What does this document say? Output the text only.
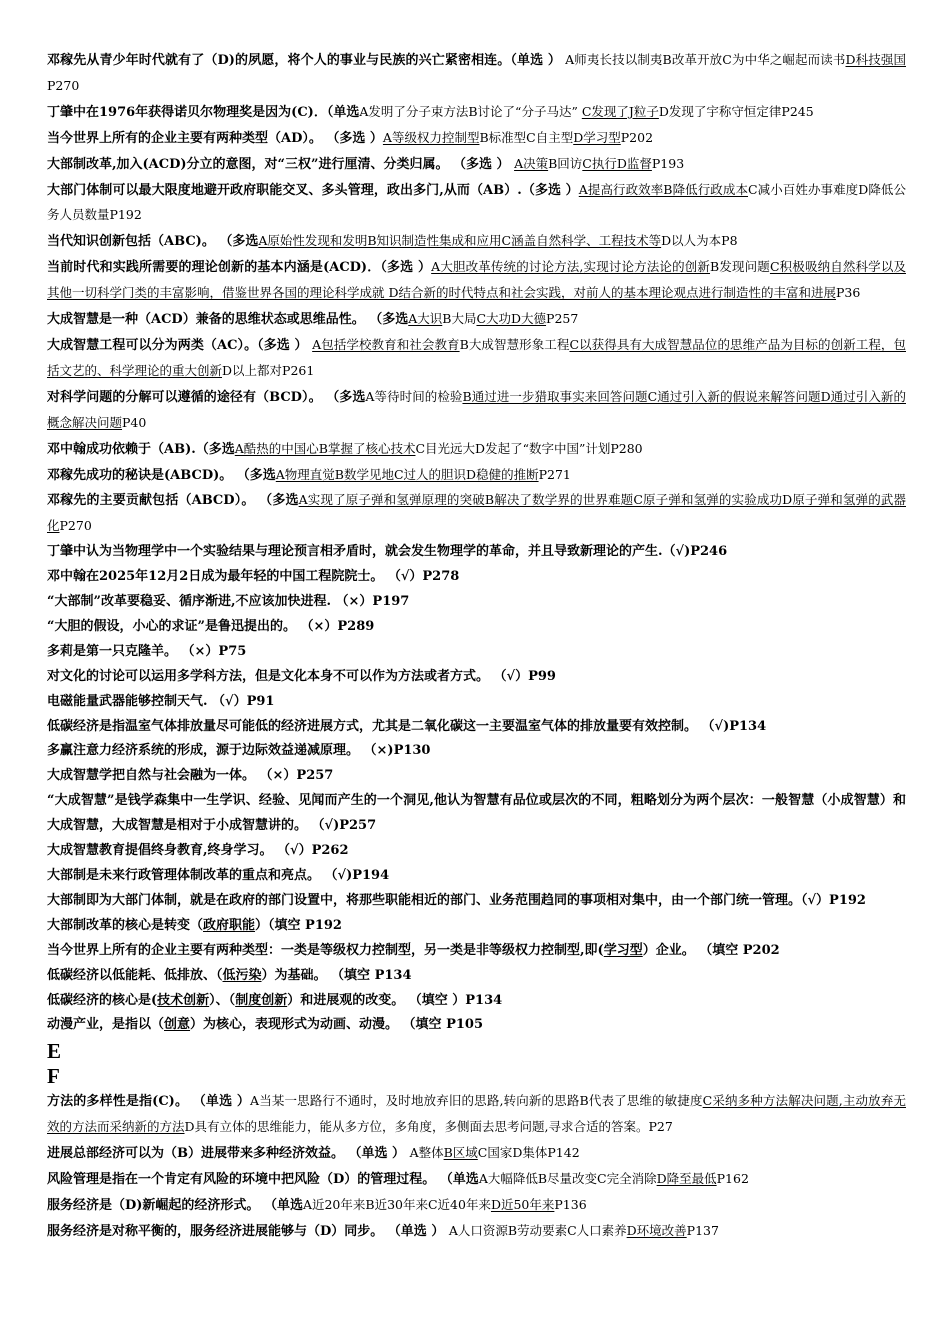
邓稼先从青少年时代就有了（D)的夙愿，将个人的事业与民族的兴亡紧密相连。（单选 ） A师夷长技以制夷B改革开放C为中华之崛起而读书D科技强国P270
丁肇中在1976年获得诺贝尔物理奖是因为(C)．（单选A发明了分子束方法B讨论了“分子马达” C发现了J粒子D发现了宇称守恒定律P245
当今世界上所有的企业主要有两种类型（AD）。 （多选 ）A等级权力控制型B标准型C自主型D学习型P202
大部制改革,加入(ACD)分立的意图，对“三权”进行厘清、分类归属。 （多选 ） A决策B回访C执行D监督P193
大部门体制可以最大限度地避开政府职能交叉、多头管理，政出多门,从而（AB）.（多选 ）A提高行政效率B降低行政成本C减小百姓办事难度D降低公务人员数量P192
当代知识创新包括（ABC)。 （多选A原始性发现和发明B知识制造性集成和应用C涵盖自然科学、工程技术等D以人为本P8
当前时代和实践所需要的理论创新的基本内涵是(ACD)．（多选 ）A大胆改革传统的讨论方法,实现讨论方法论的创新B发现问题C积极吸纳自然科学以及其他一切科学门类的丰富影响，借鉴世界各国的理论科学成就 D结合新的时代特点和社会实践，对前人的基本理论观点进行制造性的丰富和进展P36
大成智慧是一种（ACD）兼备的思维状态或思维品性。 （多选A大识B大局C大功D大德P257
大成智慧工程可以分为两类（AC）。（多选 ） A包括学校教育和社会教育B大成智慧形象工程C以获得具有大成智慧品位的思维产品为目标的创新工程，包括文艺的、科学理论的重大创新D以上都对P261
对科学问题的分解可以遵循的途径有（BCD）。 （多选A等待时间的检验B通过进一步猎取事实来回答问题C通过引入新的假说来解答问题D通过引入新的概念解决问题P40
邓中翰成功依赖于（AB).（多选A酷热的中国心B掌握了核心技术C目光远大D发起了“数字中国”计划P280
邓稼先成功的秘诀是(ABCD)。 （多选A物理直觉B数学见地C过人的胆识D稳健的推断P271
邓稼先的主要贡献包括（ABCD）。 （多选A实现了原子弹和氢弹原理的突破B解决了数学界的世界难题C原子弹和氢弹的实验成功D原子弹和氢弹的武器化P270
丁肇中认为当物理学中一个实验结果与理论预言相矛盾时，就会发生物理学的革命，并且导致新理论的产生.（√)P246
邓中翰在2025年12月2日成为最年轻的中国工程院院士。 （√）P278
“大部制”改革要稳妥、循序渐进,不应该加快进程. （×）P197
“大胆的假设，小心的求证”是鲁迅提出的。 （×）P289
多莉是第一只克隆羊。 （×）P75
对文化的讨论可以运用多学科方法，但是文化本身不可以作为方法或者方式。 （√）P99
电磁能量武器能够控制天气. （√）P91
低碳经济是指温室气体排放量尽可能低的经济进展方式，尤其是二氧化碳这一主要温室气体的排放量要有效控制。 （√)P134
多赢注意力经济系统的形成，源于边际效益递减原理。 （×)P130
大成智慧学把自然与社会融为一体。 （×）P257
“大成智慧”是钱学森集中一生学识、经验、见闻而产生的一个洞见,他认为智慧有品位或层次的不同，粗略划分为两个层次：一般智慧（小成智慧）和大成智慧，大成智慧是相对于小成智慧讲的。 （√)P257
大成智慧教育提倡终身教育,终身学习。 （√）P262
大部制是未来行政管理体制改革的重点和亮点。 （√)P194
大部制即为大部门体制，就是在政府的部门设置中，将那些职能相近的部门、业务范围趋同的事项相对集中，由一个部门统一管理。（√）P192
大部制改革的核心是转变（政府职能）（填空 P192
当今世界上所有的企业主要有两种类型：一类是等级权力控制型，另一类是非等级权力控制型,即(学习型）企业。 （填空 P202
低碳经济以低能耗、低排放、（低污染）为基础。 （填空 P134
低碳经济的核心是(技术创新）、（制度创新）和进展观的改变。 （填空 ）P134
动漫产业，是指以（创意）为核心，表现形式为动画、动漫。 （填空 P105
E
F
方法的多样性是指(C)。 （单选 ）A当某一思路行不通时，及时地放弃旧的思路,转向新的思路B代表了思维的敏捷度C采纳多种方法解决问题,主动放弃无效的方法而采纳新的方法D具有立体的思维能力，能从多方位，多角度，多侧面去思考问题,寻求合适的答案。P27
进展总部经济可以为（B）进展带来多种经济效益。 （单选 ） A整体B区域C国家D集体P142
风险管理是指在一个肯定有风险的环境中把风险（D）的管理过程。 （单选A大幅降低B尽量改变C完全消除D降至最低P162
服务经济是（D)新崛起的经济形式。 （单选A近20年来B近30年来C近40年来D近50年来P136
服务经济是对称平衡的，服务经济进展能够与（D）同步。 （单选 ） A人口资源B劳动要素C人口素养D环境改善P137
